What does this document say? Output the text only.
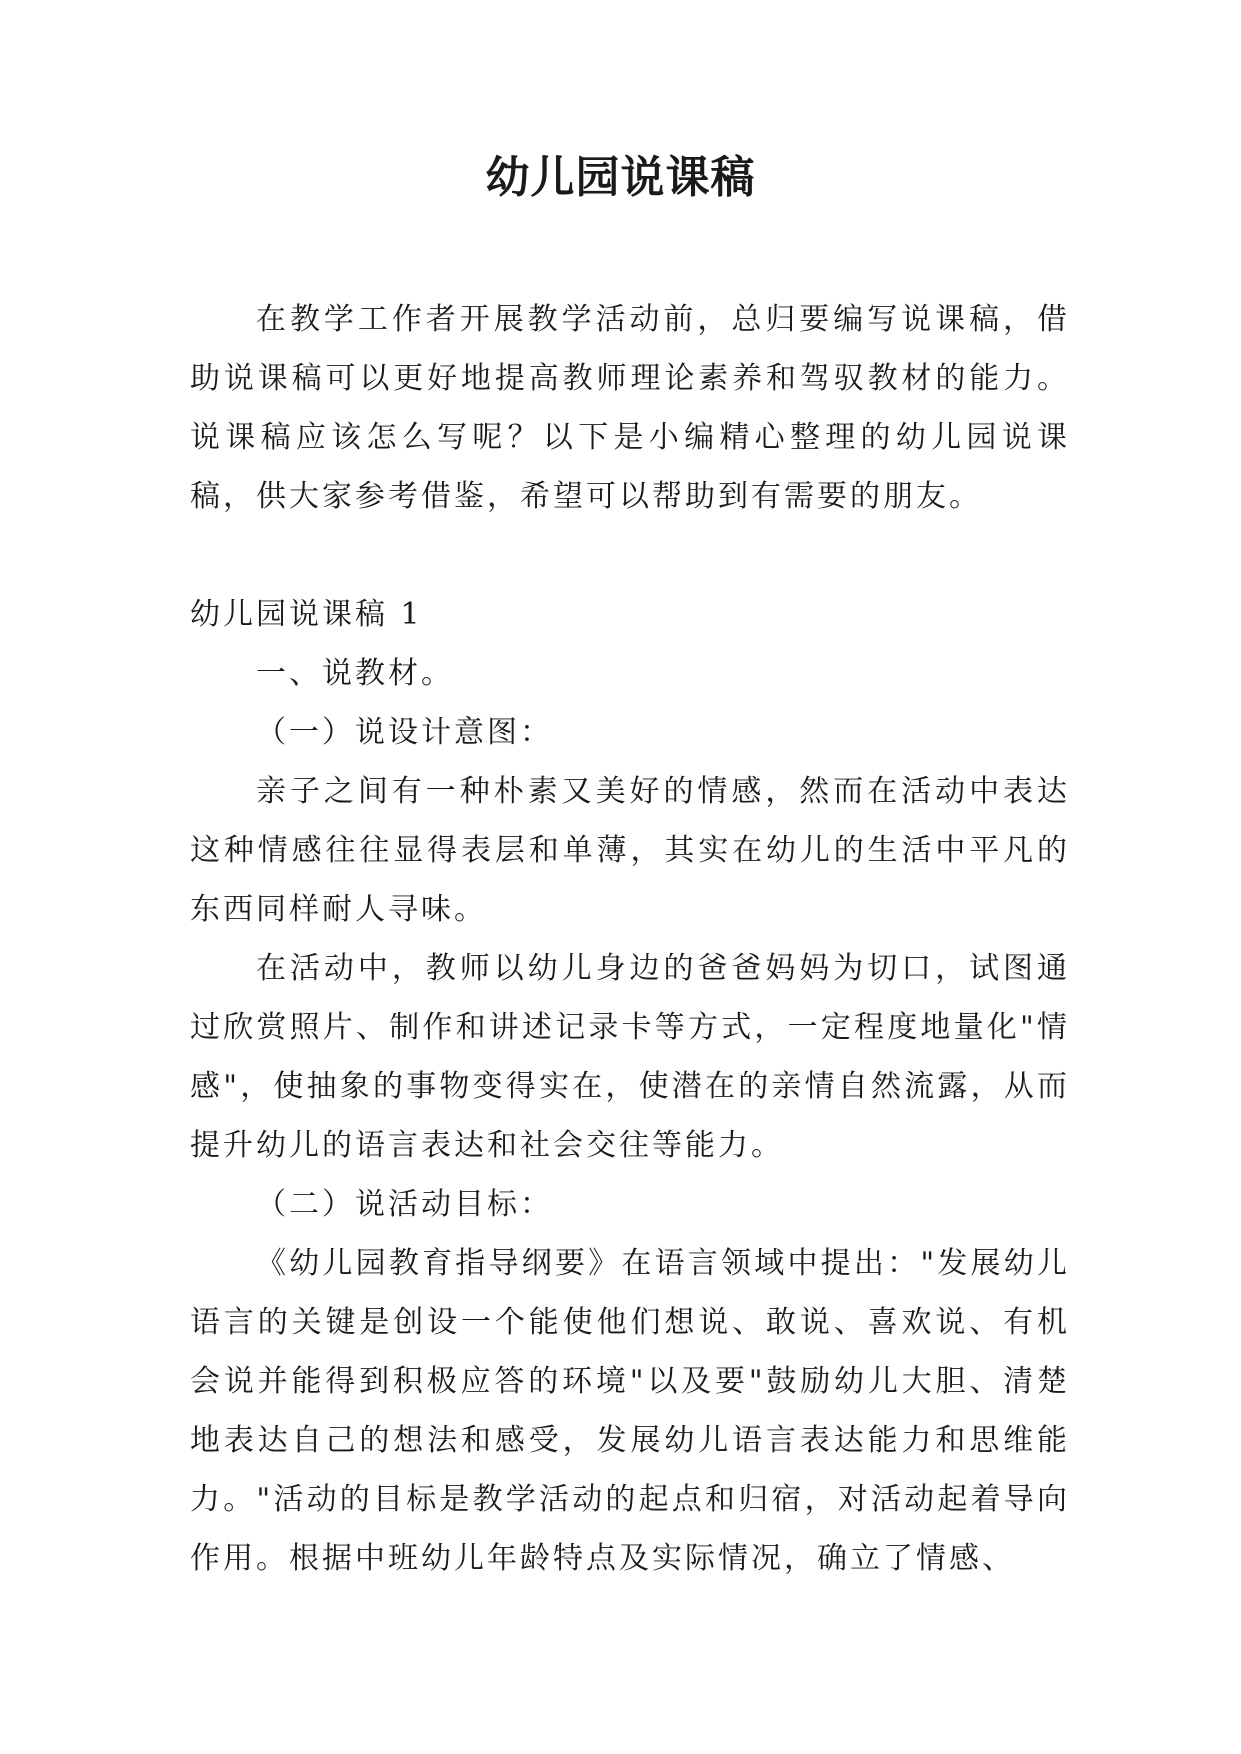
幼儿园说课稿

在教学工作者开展教学活动前，总归要编写说课稿，借助说课稿可以更好地提高教师理论素养和驾驭教材的能力。说课稿应该怎么写呢？以下是小编精心整理的幼儿园说课稿，供大家参考借鉴，希望可以帮助到有需要的朋友。

幼儿园说课稿 1

一、说教材。

（一）说设计意图：

亲子之间有一种朴素又美好的情感，然而在活动中表达这种情感往往显得表层和单薄，其实在幼儿的生活中平凡的东西同样耐人寻味。

在活动中，教师以幼儿身边的爸爸妈妈为切口，试图通过欣赏照片、制作和讲述记录卡等方式，一定程度地量化"情感"，使抽象的事物变得实在，使潜在的亲情自然流露，从而提升幼儿的语言表达和社会交往等能力。

（二）说活动目标：

《幼儿园教育指导纲要》在语言领域中提出："发展幼儿语言的关键是创设一个能使他们想说、敢说、喜欢说、有机会说并能得到积极应答的环境"以及要"鼓励幼儿大胆、清楚地表达自己的想法和感受，发展幼儿语言表达能力和思维能力。"活动的目标是教学活动的起点和归宿，对活动起着导向作用。根据中班幼儿年龄特点及实际情况，确立了情感、
